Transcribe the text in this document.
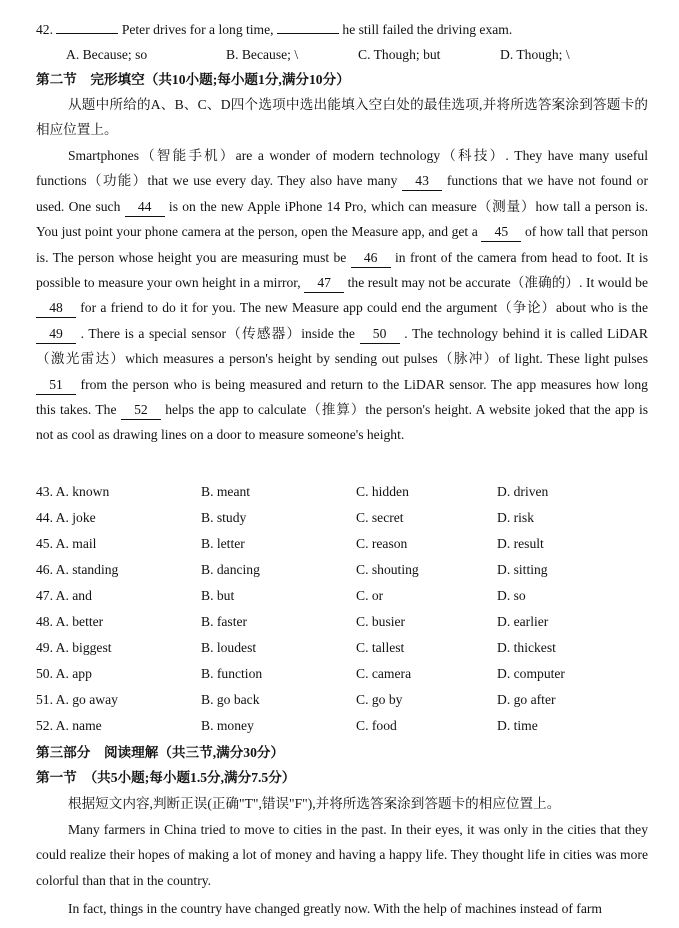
42.	Peter drives for a long time,	he still failed the driving exam.
A. Because; so	B. Because; \	C. Though; but	D. Though; \
第二节　完形填空（共10小题;每小题1分,满分10分）
从题中所给的A、B、C、D四个选项中选出能填入空白处的最佳选项,并将所选答案涂到答题卡的相应位置上。
Smartphones（智能手机）are a wonder of modern technology（科技）. They have many useful functions（功能）that we use every day. They also have many 43 functions that we have not found or used. One such 44 is on the new Apple iPhone 14 Pro, which can measure（测量）how tall a person is. You just point your phone camera at the person, open the Measure app, and get a 45 of how tall that person is. The person whose height you are measuring must be 46 in front of the camera from head to foot. It is possible to measure your own height in a mirror, 47 the result may not be accurate（准确的）. It would be 48 for a friend to do it for you. The new Measure app could end the argument（争论）about who is the 49 . There is a special sensor（传感器）inside the 50 . The technology behind it is called LiDAR（激光雷达）which measures a person's height by sending out pulses（脉冲）of light. These light pulses 51 from the person who is being measured and return to the LiDAR sensor. The app measures how long this takes. The 52 helps the app to calculate（推算）the person's height. A website joked that the app is not as cool as drawing lines on a door to measure someone's height.
43. A. known	B. meant	C. hidden	D. driven
44. A. joke	B. study	C. secret	D. risk
45. A. mail	B. letter	C. reason	D. result
46. A. standing	B. dancing	C. shouting	D. sitting
47. A. and	B. but	C. or	D. so
48. A. better	B. faster	C. busier	D. earlier
49. A. biggest	B. loudest	C. tallest	D. thickest
50. A. app	B. function	C. camera	D. computer
51. A. go away	B. go back	C. go by	D. go after
52. A. name	B. money	C. food	D. time
第三部分　阅读理解（共三节,满分30分）
第一节　（共5小题;每小题1.5分,满分7.5分）
根据短文内容,判断正误(正确"T",错误"F"),并将所选答案涂到答题卡的相应位置上。
Many farmers in China tried to move to cities in the past. In their eyes, it was only in the cities that they could realize their hopes of making a lot of money and having a happy life. They thought life in cities was more colorful than that in the country.
In fact, things in the country have changed greatly now. With the help of machines instead of farm
